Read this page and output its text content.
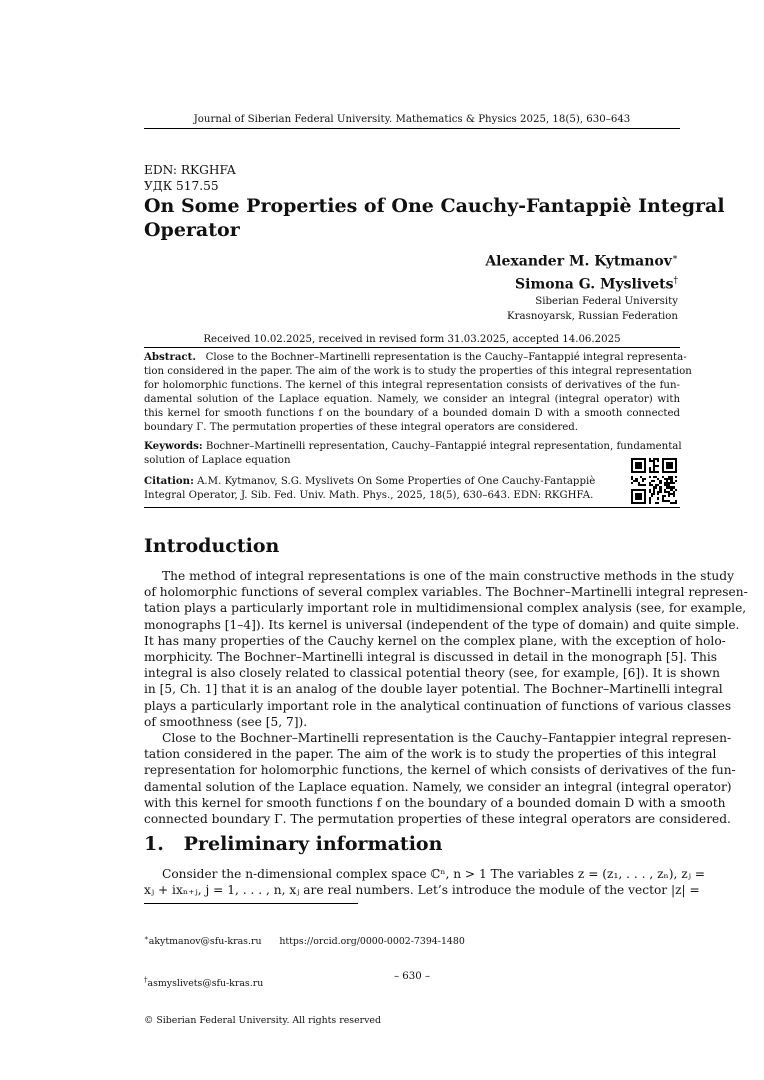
Journal of Siberian Federal University. Mathematics & Physics 2025, 18(5), 630–643
EDN: RKGHFA
УДК 517.55
On Some Properties of One Cauchy-Fantappiè Integral
Operator
Alexander M. Kytmanov∗
Simona G. Myslivets†
Siberian Federal University
Krasnoyarsk, Russian Federation
Received 10.02.2025, received in revised form 31.03.2025, accepted 14.06.2025
Abstract. Close to the Bochner–Martinelli representation is the Cauchy–Fantappié integral representa-
tion considered in the paper. The aim of the work is to study the properties of this integral representation
for holomorphic functions. The kernel of this integral representation consists of derivatives of the fun-
damental solution of the Laplace equation. Namely, we consider an integral (integral operator) with
this kernel for smooth functions f on the boundary of a bounded domain D with a smooth connected
boundary Γ. The permutation properties of these integral operators are considered.
Keywords: Bochner–Martinelli representation, Cauchy–Fantappié integral representation, fundamental
solution of Laplace equation
Citation: A.M. Kytmanov, S.G. Myslivets On Some Properties of One Cauchy-Fantappiè
Integral Operator, J. Sib. Fed. Univ. Math. Phys., 2025, 18(5), 630–643. EDN: RKGHFA.
Introduction
The method of integral representations is one of the main constructive methods in the study
of holomorphic functions of several complex variables. The Bochner–Martinelli integral represen-
tation plays a particularly important role in multidimensional complex analysis (see, for example,
monographs [1–4]). Its kernel is universal (independent of the type of domain) and quite simple.
It has many properties of the Cauchy kernel on the complex plane, with the exception of holo-
morphicity. The Bochner–Martinelli integral is discussed in detail in the monograph [5]. This
integral is also closely related to classical potential theory (see, for example, [6]). It is shown
in [5, Ch. 1] that it is an analog of the double layer potential. The Bochner–Martinelli integral
plays a particularly important role in the analytical continuation of functions of various classes
of smoothness (see [5, 7]).
Close to the Bochner–Martinelli representation is the Cauchy–Fantappier integral represen-
tation considered in the paper. The aim of the work is to study the properties of this integral
representation for holomorphic functions, the kernel of which consists of derivatives of the fun-
damental solution of the Laplace equation. Namely, we consider an integral (integral operator)
with this kernel for smooth functions f on the boundary of a bounded domain D with a smooth
connected boundary Γ. The permutation properties of these integral operators are considered.
1.   Preliminary information
Consider the n-dimensional complex space ℂⁿ, n > 1 The variables z = (z₁, . . . , zₙ), zⱼ =
xⱼ + ixₙ₊ⱼ, j = 1, . . . , n, xⱼ are real numbers. Let’s introduce the module of the vector |z| =

∗akytmanov@sfu-kras.ru      https://orcid.org/0000-0002-7394-1480

†asmyslivets@sfu-kras.ru

© Siberian Federal University. All rights reserved

– 630 –
